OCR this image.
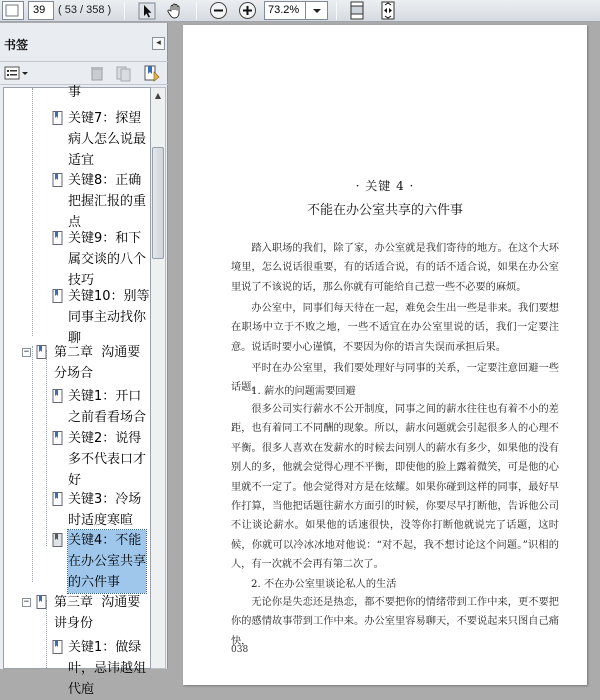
39	( 53 / 358 )	73.2%
书签	◂
事
关键7：探望
病人怎么说最
适宜
关键8：正确
把握汇报的重
点
关键9：和下
属交谈的八个
技巧
关键10：别等
同事主动找你
聊
− 第二章  沟通要
分场合
关键1：开口
之前看看场合
关键2：说得
多不代表口才
好
关键3：冷场
时适度寒暄
关键4：不能
在办公室共享
的六件事
− 第三章  沟通要
讲身份
关键1：做绿
叶，忌讳越俎
代庖
▲
· 关键 4 ·
不能在办公室共享的六件事

踏入职场的我们，除了家，办公室就是我们寄待的地方。在这个大环境里，怎么说话很重要，有的话适合说，有的话不适合说，如果在办公室里说了不该说的话，那么你就有可能给自己惹一些不必要的麻烦。

办公室中，同事们每天待在一起，难免会生出一些是非来。我们要想在职场中立于不败之地，一些不适宜在办公室里说的话，我们一定要注意。说话时要小心谨慎，不要因为你的语言失误而承担后果。

平时在办公室里，我们要处理好与同事的关系，一定要注意回避一些话题。

1. 薪水的问题需要回避

很多公司实行薪水不公开制度，同事之间的薪水往往也有着不小的差距，也有着同工不同酬的现象。所以，薪水问题就会引起很多人的心理不平衡。很多人喜欢在发薪水的时候去问别人的薪水有多少，如果他的没有别人的多，他就会觉得心理不平衡，即使他的脸上露着微笑，可是他的心里就不一定了。他会觉得对方是在炫耀。如果你碰到这样的同事，最好早作打算，当他把话题往薪水方面引的时候，你要尽早打断他，告诉他公司不让谈论薪水。如果他的话速很快，没等你打断他就说完了话题，这时候，你就可以冷冰冰地对他说：“对不起，我不想讨论这个问题。”识相的人，有一次就不会再有第二次了。

2. 不在办公室里谈论私人的生活

无论你是失恋还是热恋，都不要把你的情绪带到工作中来，更不要把你的感情故事带到工作中来。办公室里容易聊天，不要说起来只图自己痛快，

038
